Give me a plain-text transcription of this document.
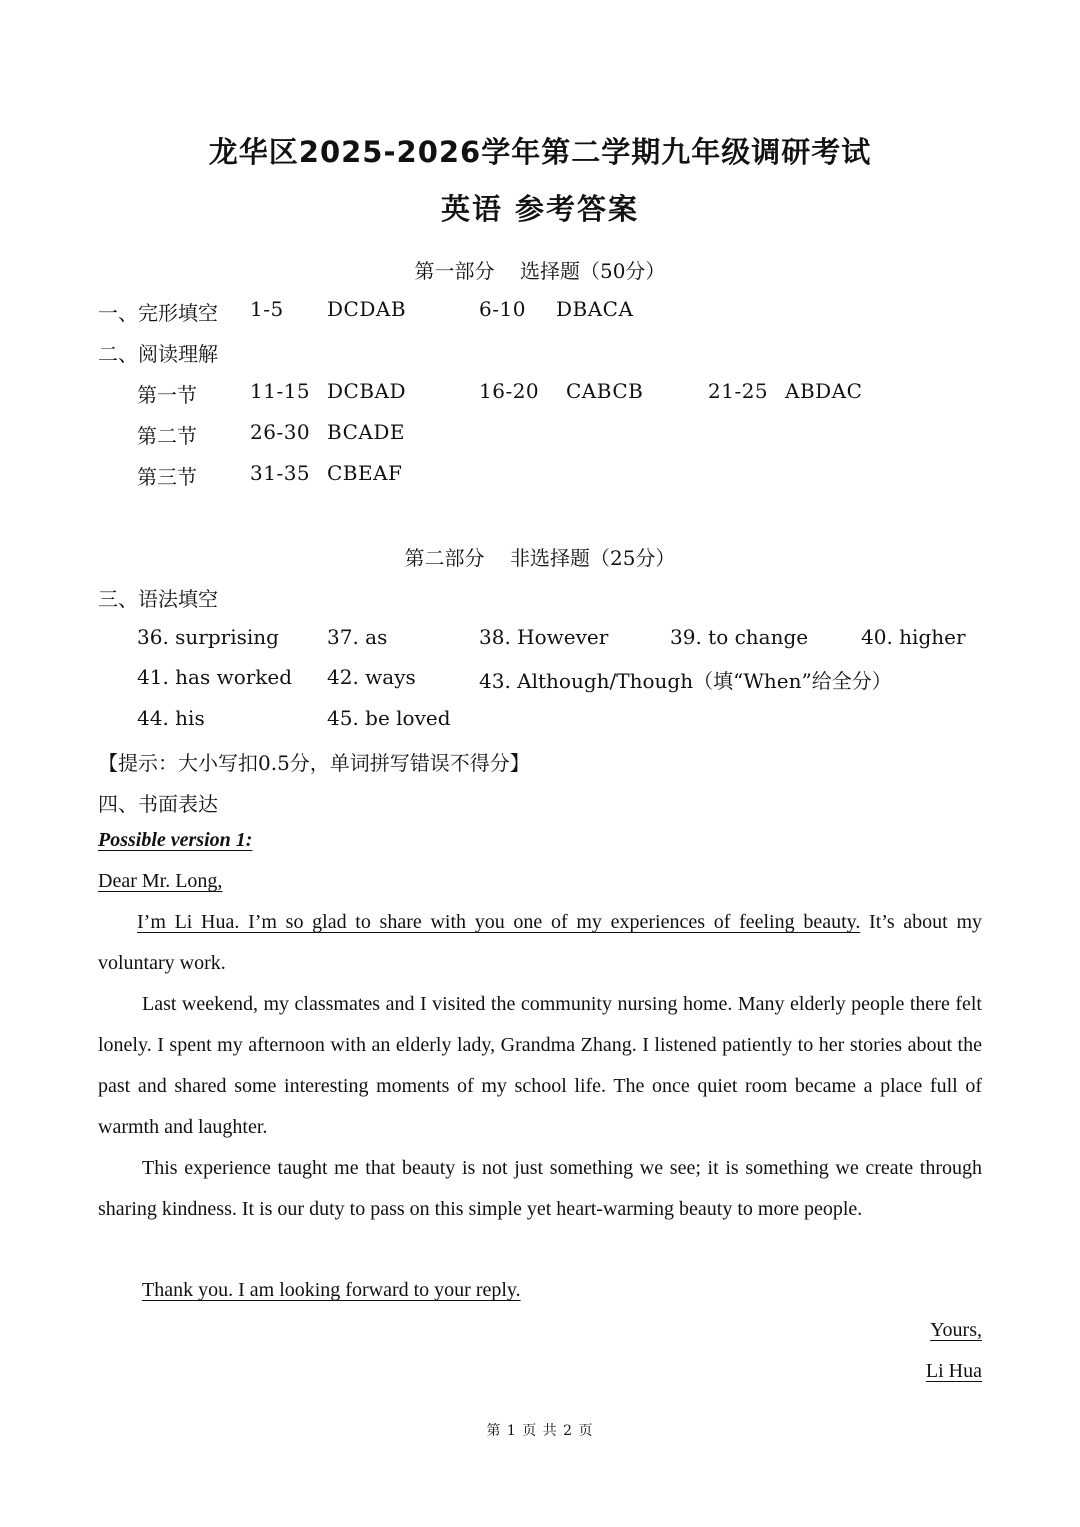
龙华区2025-2026学年第二学期九年级调研考试
英语 参考答案
第一部分    选择题（50分）
一、完形填空 1-5 DCDAB	6-10 DBACA
二、阅读理解
第一节	11-15 DCBAD	16-20 CABCB	21-25 ABDAC
第二节	26-30 BCADE
第三节	31-35 CBEAF
第二部分    非选择题（25分）
三、语法填空
36. surprising 37. as	38. However	39. to change	40. higher
41. has worked 42. ways	43. Although/Though（填“When”给全分）
44. his	45. be loved
【提示：大小写扣0.5分，单词拼写错误不得分】
四、书面表达
Possible version 1:
Dear Mr. Long,
I’m Li Hua. I’m so glad to share with you one of my experiences of feeling beauty. It’s about my voluntary work.
Last weekend, my classmates and I visited the community nursing home. Many elderly people there felt lonely. I spent my afternoon with an elderly lady, Grandma Zhang. I listened patiently to her stories about the past and shared some interesting moments of my school life. The once quiet room became a place full of warmth and laughter.
This experience taught me that beauty is not just something we see; it is something we create through sharing kindness. It is our duty to pass on this simple yet heart-warming beauty to more people.
Thank you. I am looking forward to your reply.
Yours,
Li Hua
第 1 页 共 2 页
